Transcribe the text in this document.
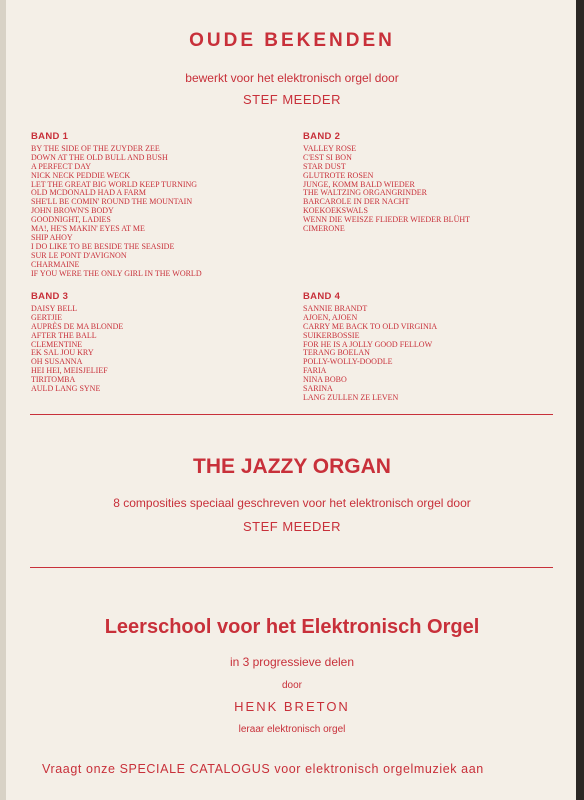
OUDE BEKENDEN
bewerkt voor het elektronisch orgel door
STEF MEEDER
BAND 1
BY THE SIDE OF THE ZUYDER ZEE
DOWN AT THE OLD BULL AND BUSH
A PERFECT DAY
NICK NECK PEDDIE WECK
LET THE GREAT BIG WORLD KEEP TURNING
OLD MCDONALD HAD A FARM
SHE'LL BE COMIN' ROUND THE MOUNTAIN
JOHN BROWN'S BODY
GOODNIGHT, LADIES
MA!, HE'S MAKIN' EYES AT ME
SHIP AHOY
I DO LIKE TO BE BESIDE THE SEASIDE
SUR LE PONT D'AVIGNON
CHARMAINE
IF YOU WERE THE ONLY GIRL IN THE WORLD
BAND 2
VALLEY ROSE
C'EST SI BON
STAR DUST
GLUTROTE ROSEN
JUNGE, KOMM BALD WIEDER
THE WALTZING ORGANGRINDER
BARCAROLE IN DER NACHT
KOEKOEKSWALS
WENN DIE WEISZE FLIEDER WIEDER BLÜHT
CIMERONE
BAND 3
DAISY BELL
GERTJIE
AUPRÈS DE MA BLONDE
AFTER THE BALL
CLEMENTINE
EK SAL JOU KRY
OH SUSANNA
HEI HEI, MEISJELIEF
TIRITOMBA
AULD LANG SYNE
BAND 4
SANNIE BRANDT
AJOEN, AJOEN
CARRY ME BACK TO OLD VIRGINIA
SUIKERBOSSIE
FOR HE IS A JOLLY GOOD FELLOW
TERANG BOELAN
POLLY-WOLLY-DOODLE
FARIA
NINA BOBO
SARINA
LANG ZULLEN ZE LEVEN
THE JAZZY ORGAN
8 composities speciaal geschreven voor het elektronisch orgel door
STEF MEEDER
Leerschool voor het Elektronisch Orgel
in 3 progressieve delen
door
HENK BRETON
leraar elektronisch orgel
Vraagt onze SPECIALE CATALOGUS voor elektronisch orgelmuziek aan
